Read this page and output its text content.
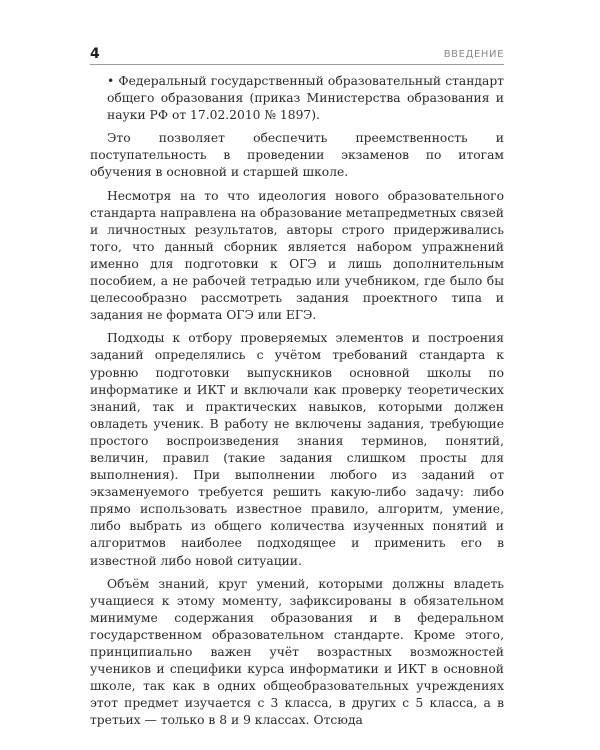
4	ВВЕДЕНИЕ

• Федеральный государственный образовательный стандарт общего образования (приказ Министерства образования и науки РФ от 17.02.2010 № 1897).

Это позволяет обеспечить преемственность и поступательность в проведении экзаменов по итогам обучения в основной и старшей школе.

Несмотря на то что идеология нового образовательного стандарта направлена на образование метапредметных связей и личностных результатов, авторы строго придерживались того, что данный сборник является набором упражнений именно для подготовки к ОГЭ и лишь дополнительным пособием, а не рабочей тетрадью или учебником, где было бы целесообразно рассмотреть задания проектного типа и задания не формата ОГЭ или ЕГЭ.

Подходы к отбору проверяемых элементов и построения заданий определялись с учётом требований стандарта к уровню подготовки выпускников основной школы по информатике и ИКТ и включали как проверку теоретических знаний, так и практических навыков, которыми должен овладеть ученик. В работу не включены задания, требующие простого воспроизведения знания терминов, понятий, величин, правил (такие задания слишком просты для выполнения). При выполнении любого из заданий от экзаменуемого требуется решить какую-либо задачу: либо прямо использовать известное правило, алгоритм, умение, либо выбрать из общего количества изученных понятий и алгоритмов наиболее подходящее и применить его в известной либо новой ситуации.

Объём знаний, круг умений, которыми должны владеть учащиеся к этому моменту, зафиксированы в обязательном минимуме содержания образования и в федеральном государственном образовательном стандарте. Кроме этого, принципиально важен учёт возрастных возможностей учеников и специфики курса информатики и ИКТ в основной школе, так как в одних общеобразовательных учреждениях этот предмет изучается с 3 класса, в других с 5 класса, а в третьих — только в 8 и 9 классах. Отсюда
